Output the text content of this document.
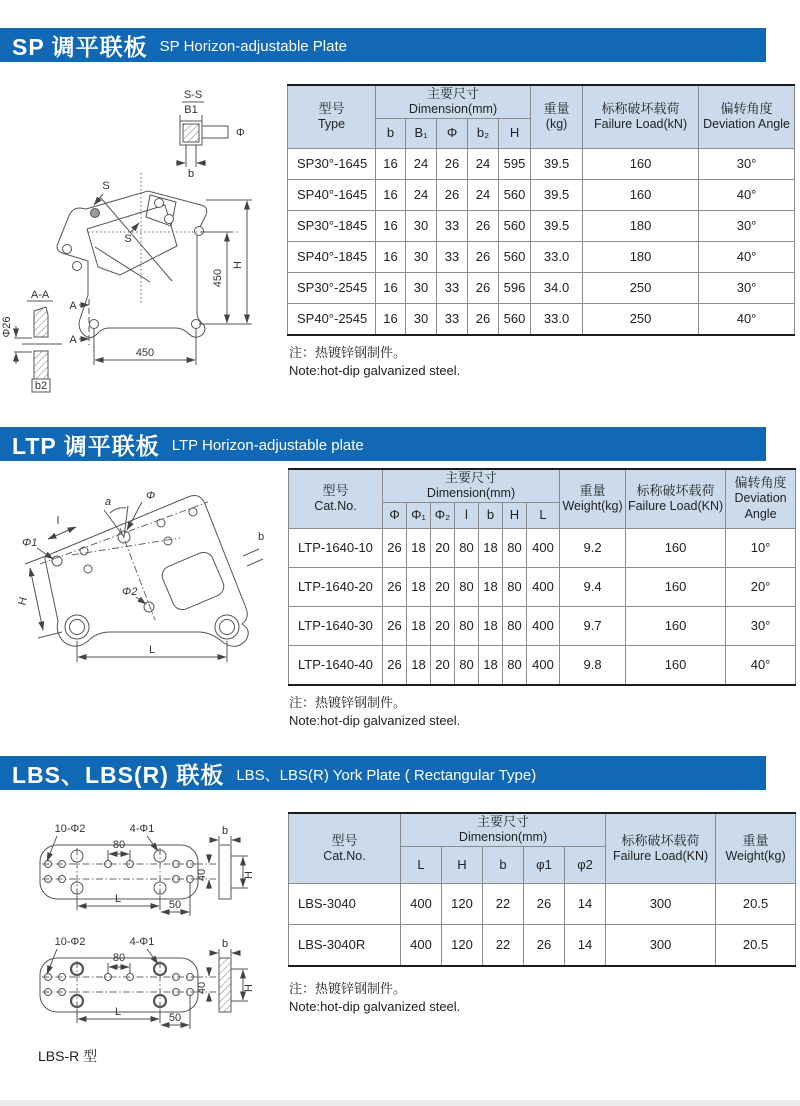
SP 调平联板 SP Horizon-adjustable Plate
S-S
B1
Φ
b
450
H
450
S
S
A
A
A-A
Φ26
b2
型号
Type	主要尺寸
Dimension(mm)					重量
(kg)	标称破坏载荷
Failure Load(kN)	偏转角度
Deviation Angle

	b	B₁	Φ	b₂	H			
SP30°-1645	16	24	26	24	595	39.5	160	30°
SP40°-1645	16	24	26	24	560	39.5	160	40°
SP30°-1845	16	30	33	26	560	39.5	180	30°
SP40°-1845	16	30	33	26	560	33.0	180	40°
SP30°-2545	16	30	33	26	596	34.0	250	30°
SP40°-2545	16	30	33	26	560	33.0	250	40°
注：热镀锌钢制件。
Note:hot-dip galvanized steel.
LTP 调平联板 LTP Horizon-adjustable plate
a	Φ
Φ1
l
b
Φ2
H
L
型号
Cat.No.	主要尺寸
Dimension(mm)							重量
Weight(kg)	标称破坏载荷
Failure Load(KN)	偏转角度
Deviation
Angle

	Φ	Φ₁	Φ₂	l	b	H	L			
LTP-1640-10	26	18	20	80	18	80	400	9.2	160	10°
LTP-1640-20	26	18	20	80	18	80	400	9.4	160	20°
LTP-1640-30	26	18	20	80	18	80	400	9.7	160	30°
LTP-1640-40	26	18	20	80	18	80	400	9.8	160	40°
注：热镀锌钢制件。
Note:hot-dip galvanized steel.
LBS、LBS(R) 联板 LBS、LBS(R) York Plate ( Rectangular Type)
10-Φ2	4-Φ1
80
L	50
b
40	H
10-Φ2	4-Φ1
80
L	50
b
40	H
LBS-R 型
型号
Cat.No.	主要尺寸
Dimension(mm)					标称破坏载荷
Failure Load(KN)	重量
Weight(kg)

	L	H	b	φ1	φ2		
LBS-3040	400	120	22	26	14	300	20.5
LBS-3040R	400	120	22	26	14	300	20.5
注：热镀锌钢制件。
Note:hot-dip galvanized steel.
